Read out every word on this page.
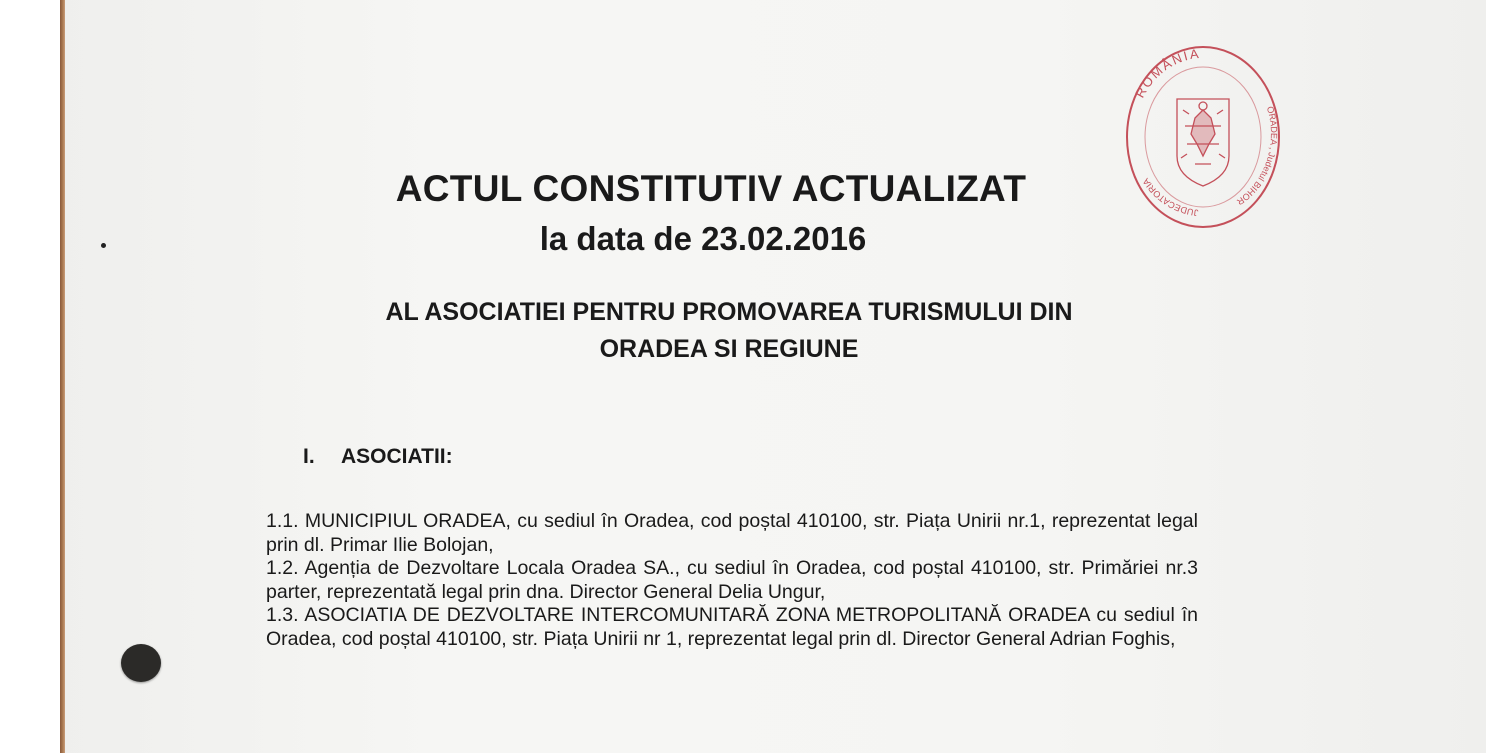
ROMÂNIA
JUDECATORIA
ORADEA , Judetul BIHOR
ACTUL CONSTITUTIV ACTUALIZAT
la data de 23.02.2016
AL ASOCIATIEI PENTRU PROMOVAREA TURISMULUI DIN
ORADEA SI REGIUNE
I. ASOCIATII:

1.1. MUNICIPIUL ORADEA, cu sediul în Oradea, cod poștal 410100, str. Piața Unirii nr.1, reprezentat legal prin dl. Primar Ilie Bolojan,

1.2. Agenția de Dezvoltare Locala Oradea SA., cu sediul în Oradea, cod poștal 410100, str. Primăriei nr.3 parter, reprezentată legal prin dna. Director General Delia Ungur,

1.3. ASOCIATIA DE DEZVOLTARE INTERCOMUNITARĂ ZONA METROPOLITANĂ ORADEA cu sediul în Oradea, cod poștal 410100, str. Piața Unirii nr 1, reprezentat legal prin dl. Director General Adrian Foghis,
